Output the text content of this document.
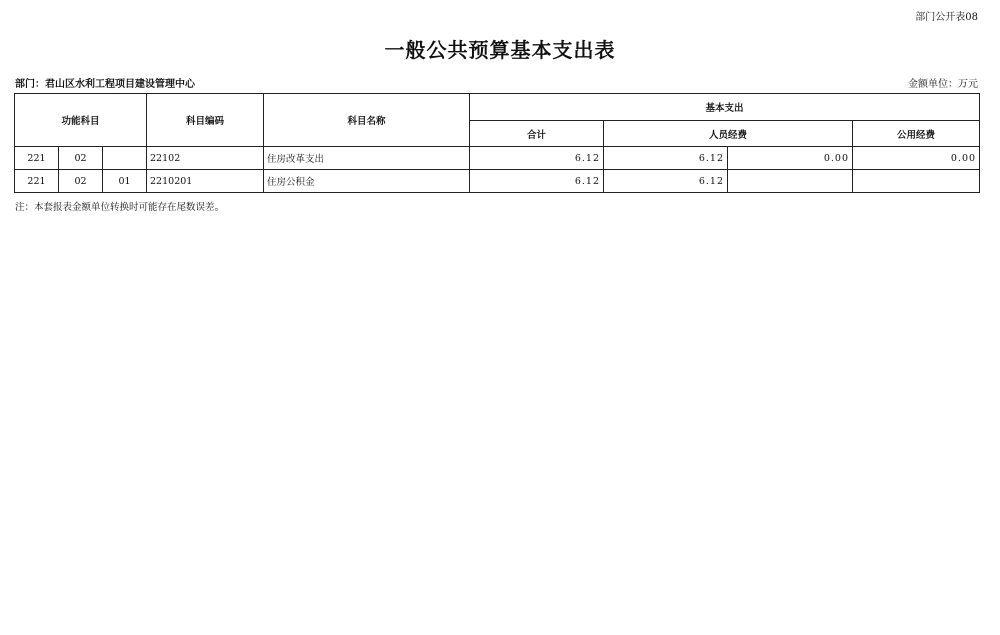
部门公开表08
一般公共预算基本支出表
部门：君山区水利工程项目建设管理中心	金额单位：万元
功能科目			科目编码	科目名称	基本支出			
					合计	人员经费		公用经费
221	02		22102	住房改革支出	6.12	6.12	0.00	0.00
221	02	01	2210201	住房公积金	6.12	6.12		
注：本套报表金额单位转换时可能存在尾数误差。
